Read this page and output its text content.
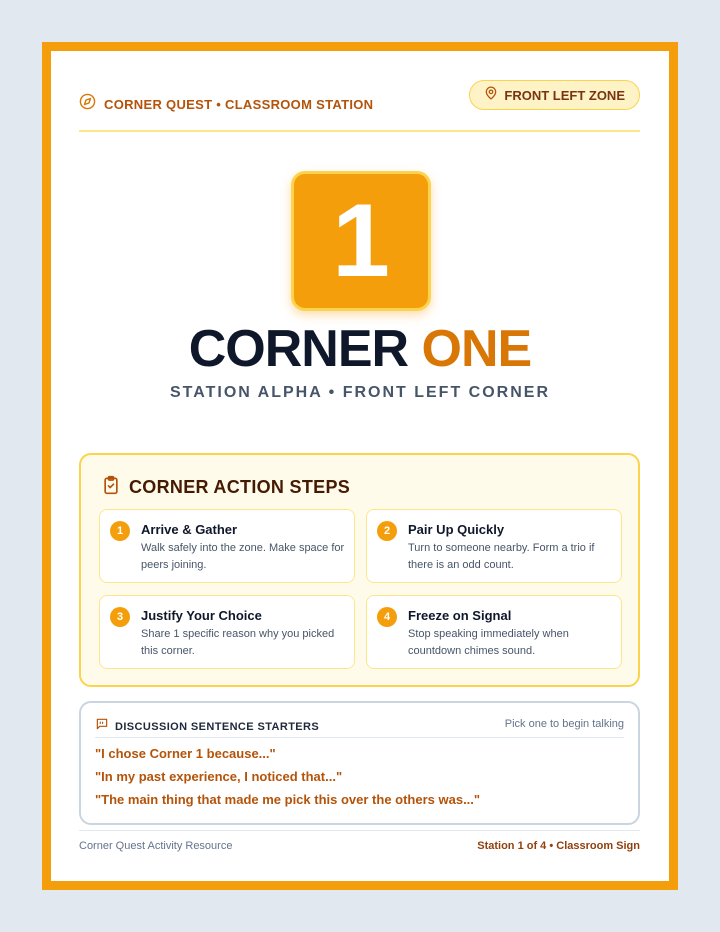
CORNER QUEST • CLASSROOM STATION
FRONT LEFT ZONE
1
CORNER ONE
STATION ALPHA • FRONT LEFT CORNER
CORNER ACTION STEPS
1	Arrive & Gather
Walk safely into the zone. Make space for peers joining.
2	Pair Up Quickly
Turn to someone nearby. Form a trio if there is an odd count.
3	Justify Your Choice
Share 1 specific reason why you picked this corner.
4	Freeze on Signal
Stop speaking immediately when countdown chimes sound.
DISCUSSION SENTENCE STARTERS	Pick one to begin talking
"I chose Corner 1 because..."
"In my past experience, I noticed that..."
"The main thing that made me pick this over the others was..."
Corner Quest Activity Resource	Station 1 of 4 • Classroom Sign
